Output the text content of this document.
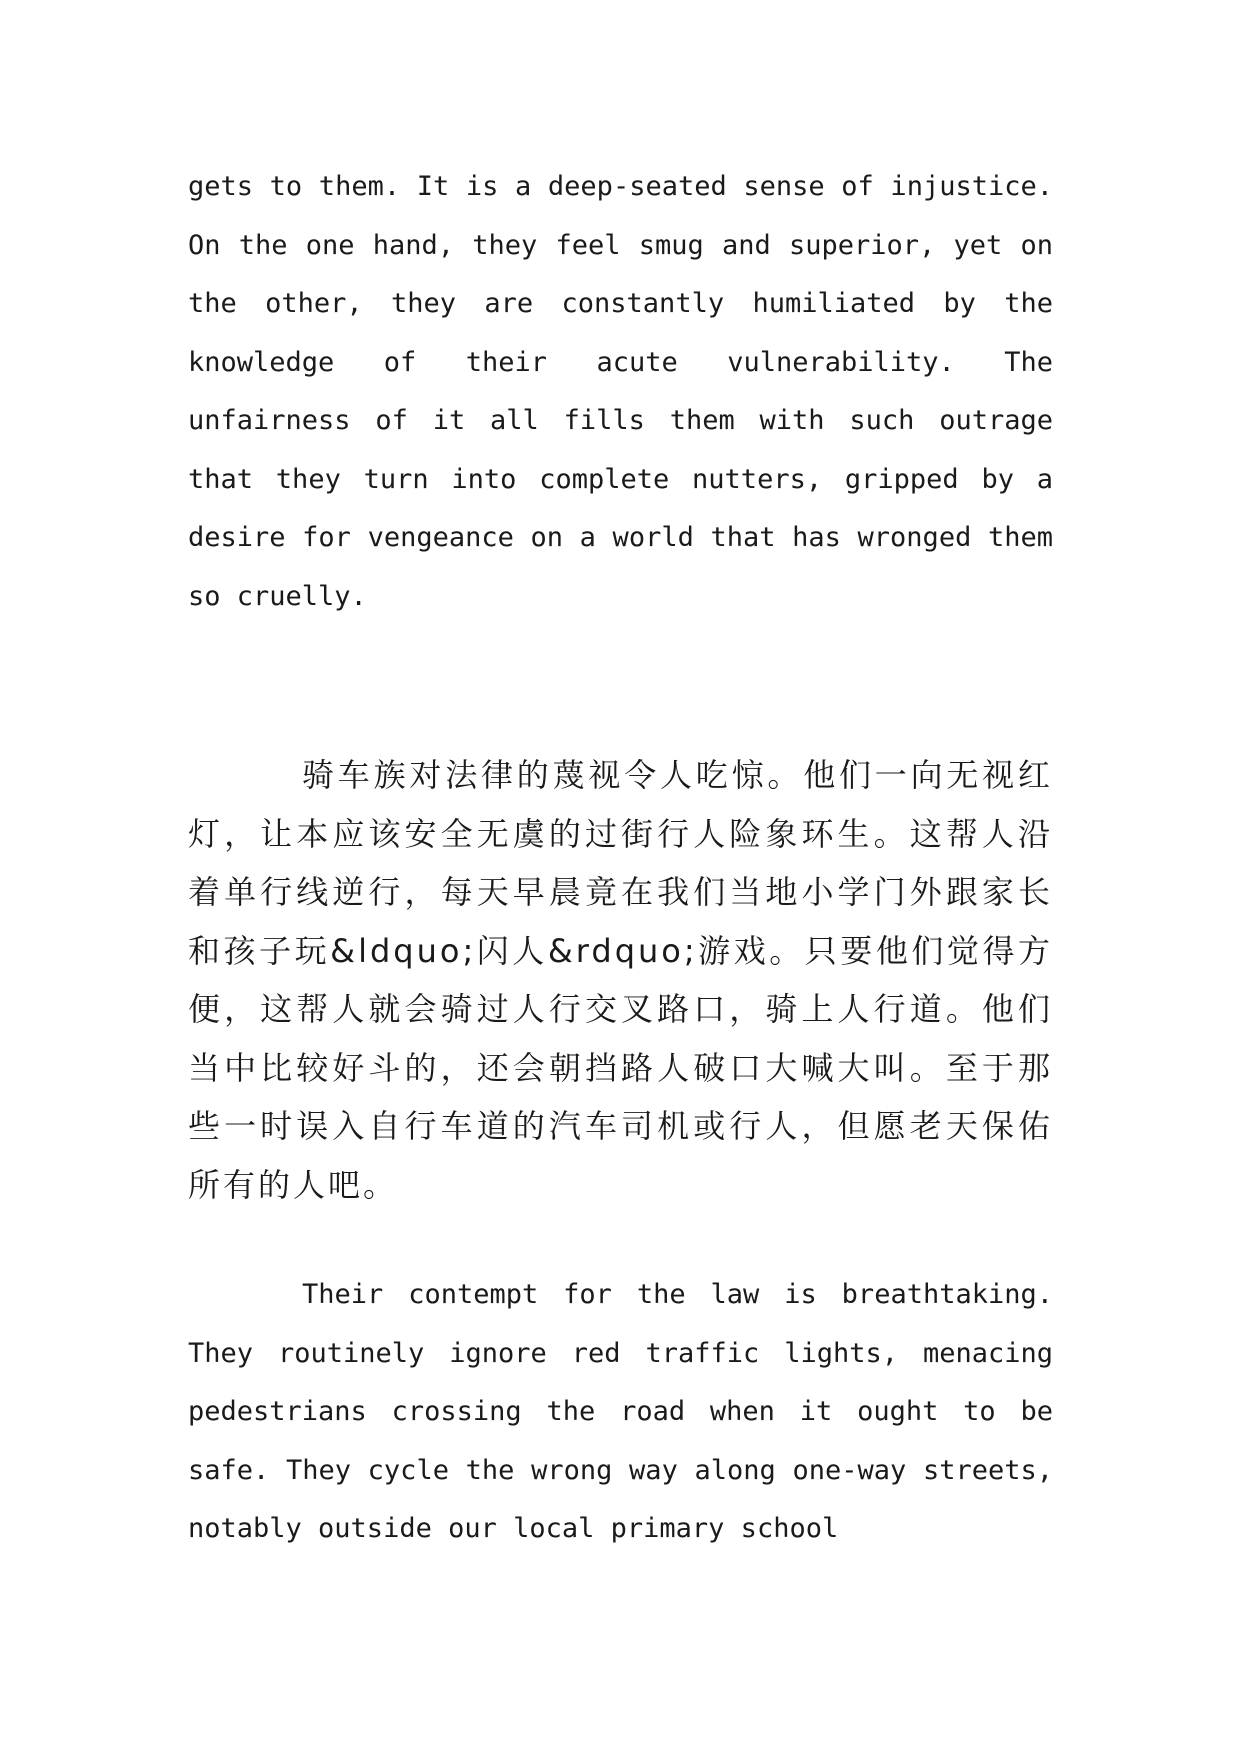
gets to them. It is a deep-seated sense of injustice. On the one hand, they feel smug and superior, yet on the other, they are constantly humiliated by the knowledge of their acute vulnerability. The unfairness of it all fills them with such outrage that they turn into complete nutters, gripped by a desire for vengeance on a world that has wronged them so cruelly.

骑车族对法律的蔑视令人吃惊。他们一向无视红灯，让本应该安全无虞的过街行人险象环生。这帮人沿着单行线逆行，每天早晨竟在我们当地小学门外跟家长和孩子玩&ldquo;闪人&rdquo;游戏。只要他们觉得方便，这帮人就会骑过人行交叉路口，骑上人行道。他们当中比较好斗的，还会朝挡路人破口大喊大叫。至于那些一时误入自行车道的汽车司机或行人，但愿老天保佑所有的人吧。

Their contempt for the law is breathtaking. They routinely ignore red traffic lights, menacing pedestrians crossing the road when it ought to be safe. They cycle the wrong way along one-way streets, notably outside our local primary school
